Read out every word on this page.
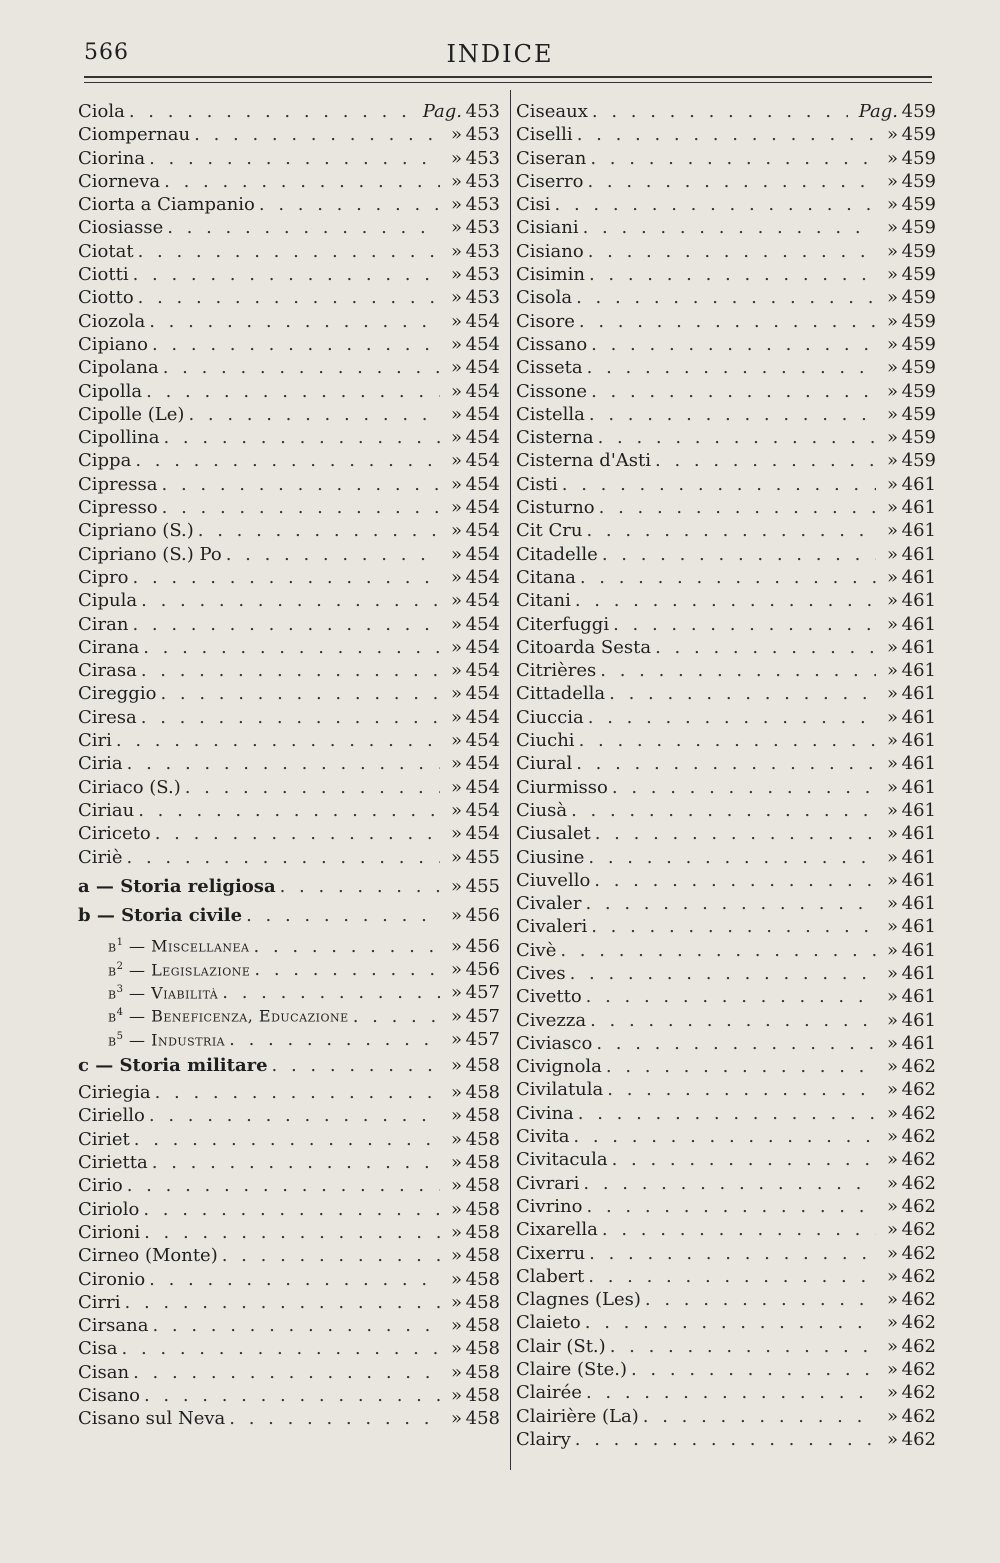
566	INDICE
Ciola . . .	Pag. 453
Ciompernau . . .	» 453
Ciorina . . .	» 453
Ciorneva . . .	» 453
Ciorta a Ciampanio . . .	» 453
Ciosiasse . . .	» 453
Ciotat . . .	» 453
Ciotti . . .	» 453
Ciotto . . .	» 453
Ciozola . . .	» 454
Cipiano . . .	» 454
Cipolana . . .	» 454
Cipolla . . .	» 454
Cipolle (Le) . . .	» 454
Cipollina . . .	» 454
Cippa . . .	» 454
Cipressa . . .	» 454
Cipresso . . .	» 454
Cipriano (S.) . . .	» 454
Cipriano (S.) Po . . .	» 454
Cipro . . .	» 454
Cipula . . .	» 454
Ciran . . .	» 454
Cirana . . .	» 454
Cirasa . . .	» 454
Cireggio . . .	» 454
Ciresa . . .	» 454
Ciri . . .	» 454
Ciria . . .	» 454
Ciriaco (S.) . . .	» 454
Ciriau . . .	» 454
Ciriceto . . .	» 454
Ciriè . . .	» 455
a — Storia religiosa . . .	» 455
b — Storia civile . . .	» 456
$b^1$ — Miscellanea . . .	» 456
$b^2$ — Legislazione . . .	» 456
$b^3$ — Viabilità . . .	» 457
$b^4$ — Beneficenza, Educazione . . .	» 457
$b^5$ — Industria . . .	» 457
c — Storia militare . . .	» 458
Ciriegia . . .	» 458
Ciriello . . .	» 458
Ciriet . . .	» 458
Cirietta . . .	» 458
Cirio . . .	» 458
Ciriolo . . .	» 458
Cirioni . . .	» 458
Cirneo (Monte) . . .	» 458
Cironio . . .	» 458
Cirri . . .	» 458
Cirsana . . .	» 458
Cisa . . .	» 458
Cisan . . .	» 458
Cisano . . .	» 458
Cisano sul Neva . . .	» 458
Ciseaux . . .	Pag. 459
Ciselli . . .	» 459
Ciseran . . .	» 459
Ciserro . . .	» 459
Cisi . . .	» 459
Cisiani . . .	» 459
Cisiano . . .	» 459
Cisimin . . .	» 459
Cisola . . .	» 459
Cisore . . .	» 459
Cissano . . .	» 459
Cisseta . . .	» 459
Cissone . . .	» 459
Cistella . . .	» 459
Cisterna . . .	» 459
Cisterna d'Asti . . .	» 459
Cisti . . .	» 461
Cisturno . . .	» 461
Cit Cru . . .	» 461
Citadelle . . .	» 461
Citana . . .	» 461
Citani . . .	» 461
Citerfuggi . . .	» 461
Citoarda Sesta . . .	» 461
Citrières . . .	» 461
Cittadella . . .	» 461
Ciuccia . . .	» 461
Ciuchi . . .	» 461
Ciural . . .	» 461
Ciurmisso . . .	» 461
Ciusà . . .	» 461
Ciusalet . . .	» 461
Ciusine . . .	» 461
Ciuvello . . .	» 461
Civaler . . .	» 461
Civaleri . . .	» 461
Civè . . .	» 461
Cives . . .	» 461
Civetto . . .	» 461
Civezza . . .	» 461
Civiasco . . .	» 461
Civignola . . .	» 462
Civilatula . . .	» 462
Civina . . .	» 462
Civita . . .	» 462
Civitacula . . .	» 462
Civrari . . .	» 462
Civrino . . .	» 462
Cixarella . . .	» 462
Cixerru . . .	» 462
Clabert . . .	» 462
Clagnes (Les) . . .	» 462
Claieto . . .	» 462
Clair (St.) . . .	» 462
Claire (Ste.) . . .	» 462
Clairée . . .	» 462
Clairière (La) . . .	» 462
Clairy . . .	» 462
